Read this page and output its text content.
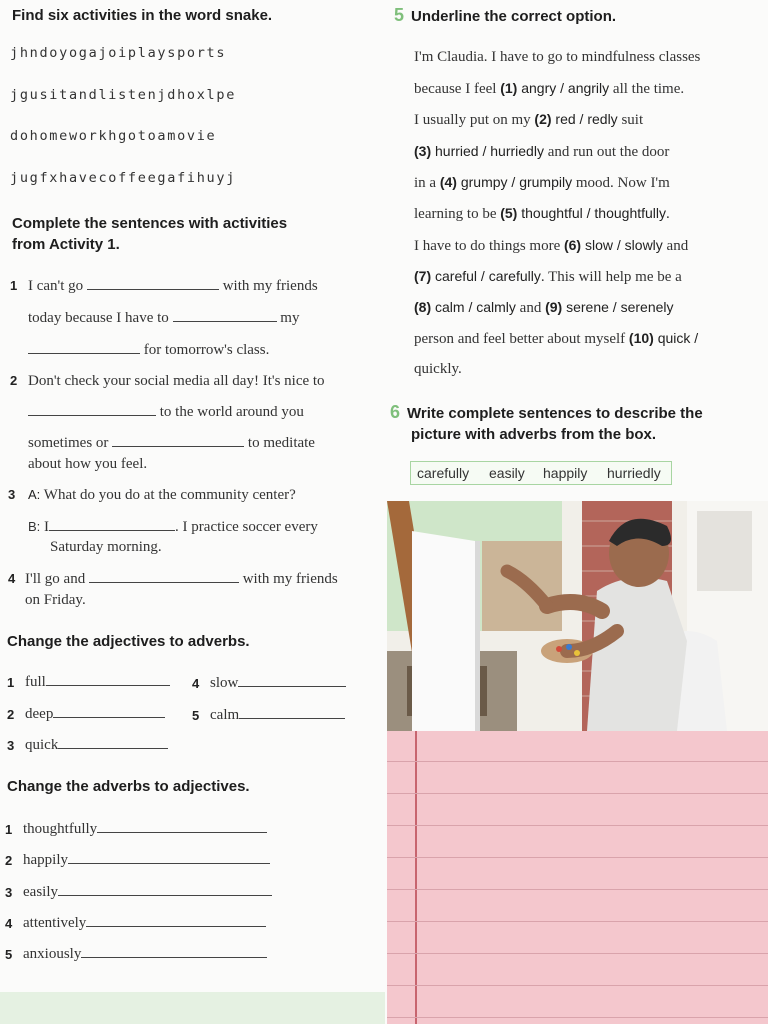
Find six activities in the word snake.
jhndoyogajoiplaysports
jgusitandlistenjdhoxlpe
dohomeworkhgotoamovie
jugfxhavecoffeegafihuyj
Complete the sentences with activities
from Activity 1.
1 I can't go	with my friends
today because I have to	my
for tomorrow's class.
2 Don't check your social media all day! It's nice to
to the world around you
sometimes or	to meditate
about how you feel.
3 A: What do you do at the community center?
B: I	. I practice soccer every
Saturday morning.
4 I'll go and	with my friends
on Friday.
Change the adjectives to adverbs.
1 full	4 slow
2 deep	5 calm
3 quick
Change the adverbs to adjectives.
1 thoughtfully
2 happily
3 easily
4 attentively
5 anxiously
5 Underline the correct option.
I'm Claudia. I have to go to mindfulness classes
because I feel (1) angry / angrily all the time.
I usually put on my (2) red / redly suit
(3) hurried / hurriedly and run out the door
in a (4) grumpy / grumpily mood. Now I'm
learning to be (5) thoughtful / thoughtfully.
I have to do things more (6) slow / slowly and
(7) careful / carefully. This will help me be a
(8) calm / calmly and (9) serene / serenely
person and feel better about myself (10) quick /
quickly.
6 Write complete sentences to describe the
picture with adverbs from the box.
carefully easily happily hurriedly
